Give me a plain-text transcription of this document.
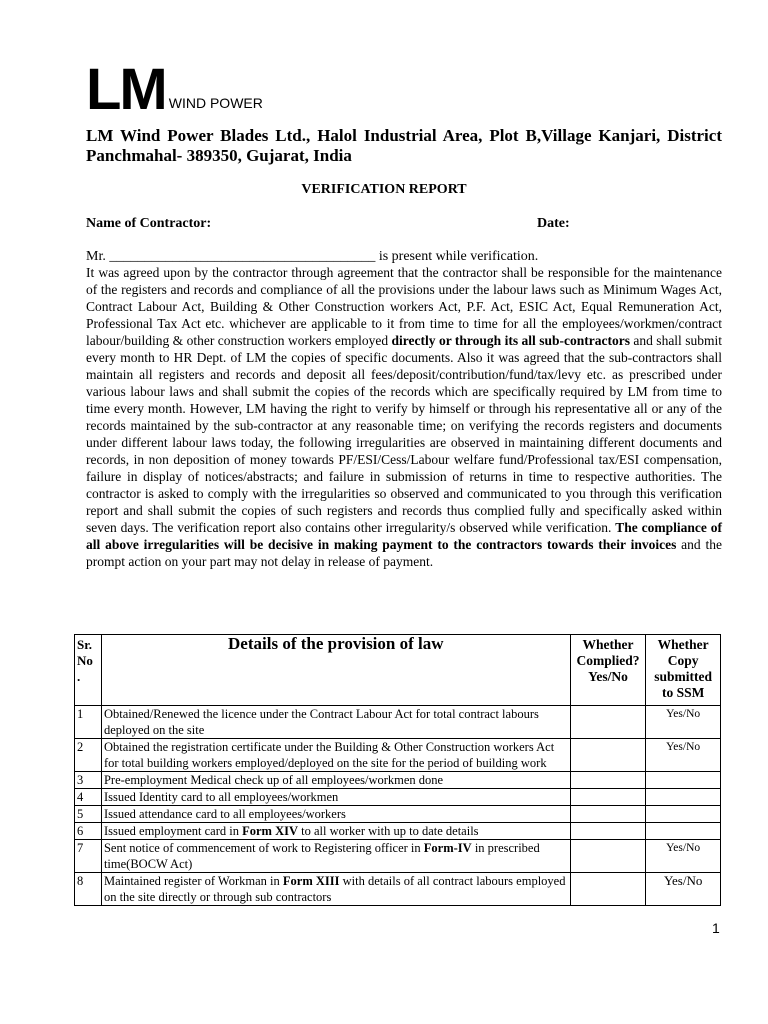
LM WIND POWER
LM Wind Power Blades Ltd., Halol Industrial Area, Plot B,Village Kanjari, District Panchmahal- 389350, Gujarat, India
VERIFICATION REPORT
Name of Contractor:	Date:
Mr. ______________________________________ is present while verification.
It was agreed upon by the contractor through agreement that the contractor shall be responsible for the maintenance of the registers and records and compliance of all the provisions under the labour laws such as Minimum Wages Act, Contract Labour Act, Building & Other Construction workers Act, P.F. Act, ESIC Act, Equal Remuneration Act, Professional Tax Act etc. whichever are applicable to it from time to time for all the employees/workmen/contract labour/building & other construction workers employed directly or through its all sub-contractors and shall submit every month to HR Dept. of LM the copies of specific documents. Also it was agreed that the sub-contractors shall maintain all registers and records and deposit all fees/deposit/contribution/fund/tax/levy etc. as prescribed under various labour laws and shall submit the copies of the records which are specifically required by LM from time to time every month. However, LM having the right to verify by himself or through his representative all or any of the records maintained by the sub-contractor at any reasonable time; on verifying the records registers and documents under different labour laws today, the following irregularities are observed in maintaining different documents and records, in non deposition of money towards PF/ESI/Cess/Labour welfare fund/Professional tax/ESI compensation, failure in display of notices/abstracts; and failure in submission of returns in time to respective authorities. The contractor is asked to comply with the irregularities so observed and communicated to you through this verification report and shall submit the copies of such registers and records thus complied fully and specifically asked within seven days. The verification report also contains other irregularity/s observed while verification. The compliance of all above irregularities will be decisive in making payment to the contractors towards their invoices and the prompt action on your part may not delay in release of payment.
Sr. No .	Details of the provision of law	Whether Complied? Yes/No	Whether Copy submitted to SSM
1	Obtained/Renewed the licence under the Contract Labour Act for total contract labours deployed on the site		Yes/No
2	Obtained the registration certificate under the Building & Other Construction workers Act for total building workers employed/deployed on the site for the period of building work		Yes/No
3	Pre-employment Medical check up of all employees/workmen done		
4	Issued Identity card to all employees/workmen		
5	Issued attendance card to all employees/workers		
6	Issued employment card in Form XIV to all worker with up to date details		
7	Sent notice of commencement of work to Registering officer in Form-IV in prescribed time(BOCW Act)		Yes/No
8	Maintained register of Workman in Form XIII with details of all contract labours employed on the site directly or through sub contractors		Yes/No
1
